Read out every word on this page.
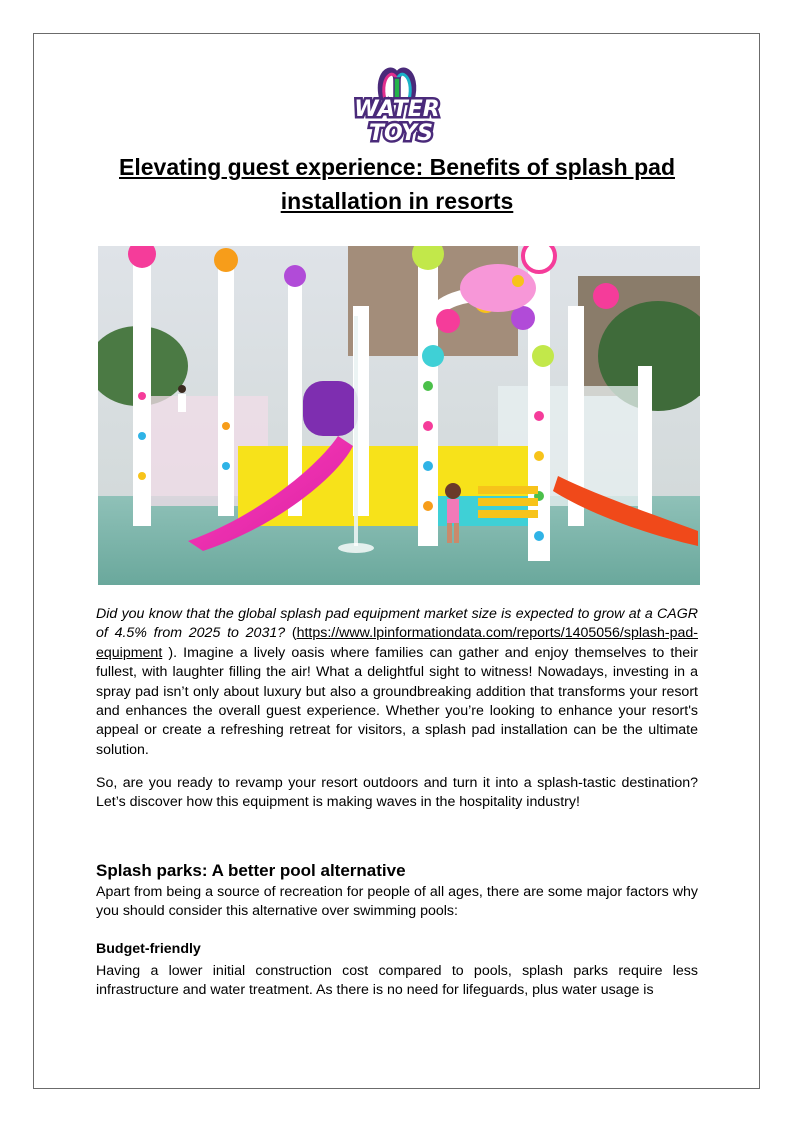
WATER
TOYS
Elevating guest experience: Benefits of splash pad installation in resorts

Did you know that the global splash pad equipment market size is expected to grow at a CAGR of 4.5% from 2025 to 2031? (https://www.lpinformationdata.com/reports/1405056/splash-pad-equipment ). Imagine a lively oasis where families can gather and enjoy themselves to their fullest, with laughter filling the air! What a delightful sight to witness! Nowadays, investing in a spray pad isn’t only about luxury but also a groundbreaking addition that transforms your resort and enhances the overall guest experience. Whether you’re looking to enhance your resort's appeal or create a refreshing retreat for visitors, a splash pad installation can be the ultimate solution.

So, are you ready to revamp your resort outdoors and turn it into a splash-tastic destination? Let’s discover how this equipment is making waves in the hospitality industry!

Splash parks: A better pool alternative

Apart from being a source of recreation for people of all ages, there are some major factors why you should consider this alternative over swimming pools:

Budget-friendly

Having a lower initial construction cost compared to pools, splash parks require less infrastructure and water treatment. As there is no need for lifeguards, plus water usage is
